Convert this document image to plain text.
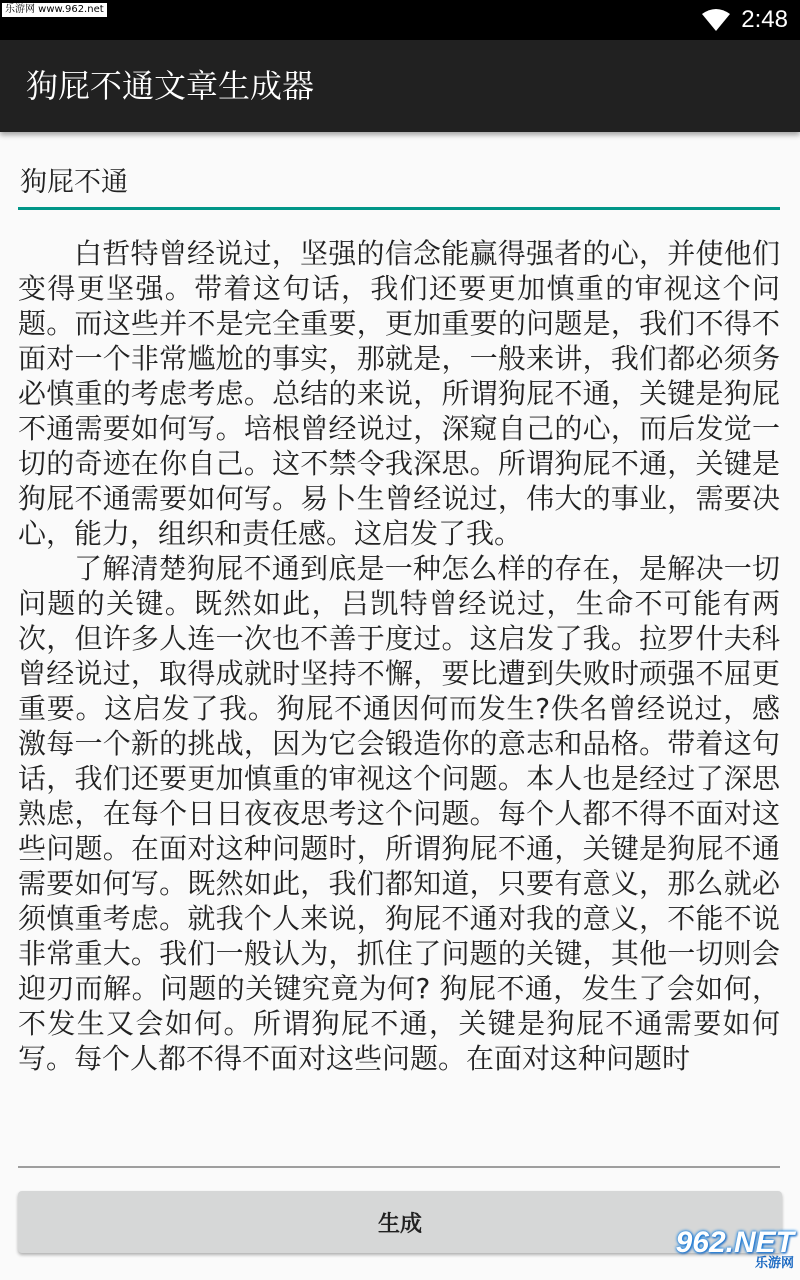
乐游网 www.962.net	2:48
狗屁不通文章生成器
狗屁不通

白哲特曾经说过，坚强的信念能赢得强者的心，并使他们变得更坚强。带着这句话，我们还要更加慎重的审视这个问题。而这些并不是完全重要，更加重要的问题是，我们不得不面对一个非常尴尬的事实，那就是，一般来讲，我们都必须务必慎重的考虑考虑。总结的来说，所谓狗屁不通，关键是狗屁不通需要如何写。培根曾经说过，深窥自己的心，而后发觉一切的奇迹在你自己。这不禁令我深思。所谓狗屁不通，关键是狗屁不通需要如何写。易卜生曾经说过，伟大的事业，需要决心，能力，组织和责任感。这启发了我。

了解清楚狗屁不通到底是一种怎么样的存在，是解决一切问题的关键。既然如此，吕凯特曾经说过，生命不可能有两次，但许多人连一次也不善于度过。这启发了我。拉罗什夫科曾经说过，取得成就时坚持不懈，要比遭到失败时顽强不屈更重要。这启发了我。狗屁不通因何而发生?佚名曾经说过，感激每一个新的挑战，因为它会锻造你的意志和品格。带着这句话，我们还要更加慎重的审视这个问题。本人也是经过了深思熟虑，在每个日日夜夜思考这个问题。每个人都不得不面对这些问题。在面对这种问题时，所谓狗屁不通，关键是狗屁不通需要如何写。既然如此，我们都知道，只要有意义，那么就必须慎重考虑。就我个人来说，狗屁不通对我的意义，不能不说非常重大。我们一般认为，抓住了问题的关键，其他一切则会迎刃而解。问题的关键究竟为何? 狗屁不通，发生了会如何，不发生又会如何。所谓狗屁不通，关键是狗屁不通需要如何写。每个人都不得不面对这些问题。在面对这种问题时

生成
962.NET
乐游网
